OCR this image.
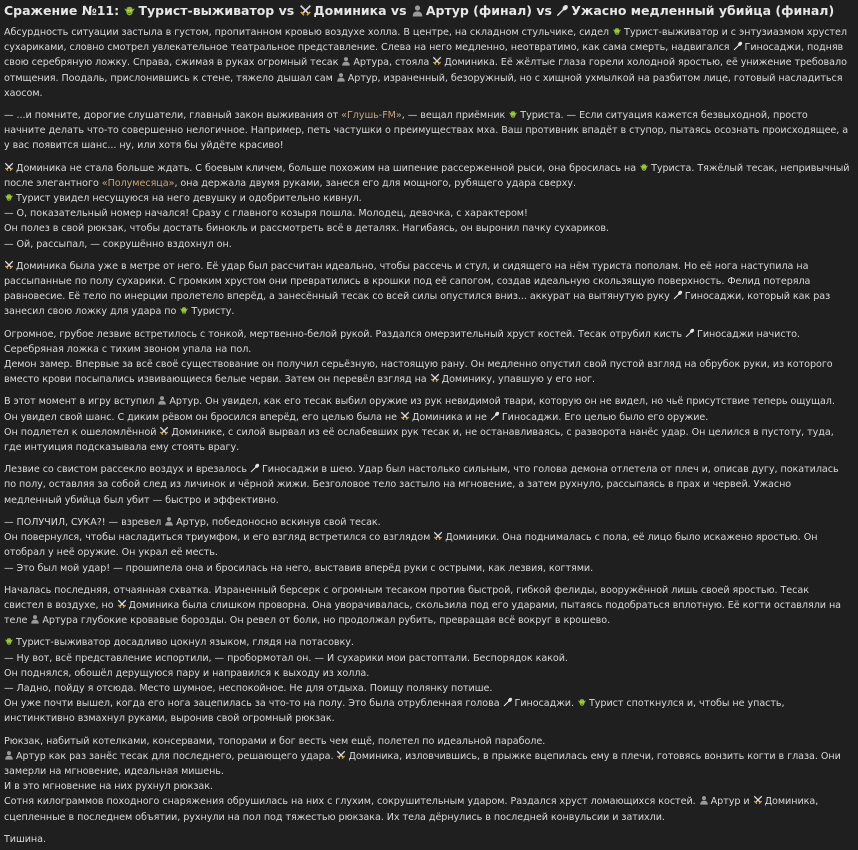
Сражение №11: Турист-выживатор vs Доминика vs Артур (финал) vs Ужасно медленный убийца (финал)

Абсурдность ситуации застыла в густом, пропитанном кровью воздухе холла. В центре, на складном стульчике, сидел Турист-выживатор и с энтузиазмом хрустел сухариками, словно смотрел увлекательное театральное представление. Слева на него медленно, неотвратимо, как сама смерть, надвигался Гиносаджи, подняв свою серебряную ложку. Справа, сжимая в руках огромный тесак Артура, стояла Доминика. Её жёлтые глаза горели холодной яростью, её унижение требовало отмщения. Поодаль, прислонившись к стене, тяжело дышал сам Артур, израненный, безоружный, но с хищной ухмылкой на разбитом лице, готовый насладиться хаосом.

— ...и помните, дорогие слушатели, главный закон выживания от «Глушь-FM», — вещал приёмник Туриста. — Если ситуация кажется безвыходной, просто начните делать что-то совершенно нелогичное. Например, петь частушки о преимуществах мха. Ваш противник впадёт в ступор, пытаясь осознать происходящее, а у вас появится шанс... ну, или хотя бы уйдёте красиво!

Доминика не стала больше ждать. С боевым кличем, больше похожим на шипение рассерженной рыси, она бросилась на Туриста. Тяжёлый тесак, непривычный после элегантного «Полумесяца», она держала двумя руками, занеся его для мощного, рубящего удара сверху.
Турист увидел несущуюся на него девушку и одобрительно кивнул.
— О, показательный номер начался! Сразу с главного козыря пошла. Молодец, девочка, с характером!
Он полез в свой рюкзак, чтобы достать бинокль и рассмотреть всё в деталях. Нагибаясь, он выронил пачку сухариков.
— Ой, рассыпал, — сокрушённо вздохнул он.

Доминика была уже в метре от него. Её удар был рассчитан идеально, чтобы рассечь и стул, и сидящего на нём туриста пополам. Но её нога наступила на рассыпанные по полу сухарики. С громким хрустом они превратились в крошки под её сапогом, создав идеальную скользящую поверхность. Фелид потеряла равновесие. Её тело по инерции пролетело вперёд, а занесённый тесак со всей силы опустился вниз... аккурат на вытянутую руку Гиносаджи, который как раз занесил свою ложку для удара по Туристу.

Огромное, грубое лезвие встретилось с тонкой, мертвенно-белой рукой. Раздался омерзительный хруст костей. Тесак отрубил кисть Гиносаджи начисто. Серебряная ложка с тихим звоном упала на пол.
Демон замер. Впервые за всё своё существование он получил серьёзную, настоящую рану. Он медленно опустил свой пустой взгляд на обрубок руки, из которого вместо крови посыпались извивающиеся белые черви. Затем он перевёл взгляд на Доминику, упавшую у его ног.

В этот момент в игру вступил Артур. Он увидел, как его тесак выбил оружие из рук невидимой твари, которую он не видел, но чьё присутствие теперь ощущал. Он увидел свой шанс. С диким рёвом он бросился вперёд, его целью была не Доминика и не Гиносаджи. Его целью было его оружие.
Он подлетел к ошеломлённой Доминике, с силой вырвал из её ослабевших рук тесак и, не останавливаясь, с разворота нанёс удар. Он целился в пустоту, туда, где интуиция подсказывала ему стоять врагу.

Лезвие со свистом рассекло воздух и врезалось Гиносаджи в шею. Удар был настолько сильным, что голова демона отлетела от плеч и, описав дугу, покатилась по полу, оставляя за собой след из личинок и чёрной жижи. Безголовое тело застыло на мгновение, а затем рухнуло, рассыпаясь в прах и червей. Ужасно медленный убийца был убит — быстро и эффективно.

— ПОЛУЧИЛ, СУКА?! — взревел Артур, победоносно вскинув свой тесак.
Он повернулся, чтобы насладиться триумфом, и его взгляд встретился со взглядом Доминики. Она поднималась с пола, её лицо было искажено яростью. Он отобрал у неё оружие. Он украл её месть.
— Это был мой удар! — прошипела она и бросилась на него, выставив вперёд руки с острыми, как лезвия, когтями.

Началась последняя, отчаянная схватка. Израненный берсерк с огромным тесаком против быстрой, гибкой фелиды, вооружённой лишь своей яростью. Тесак свистел в воздухе, но Доминика была слишком проворна. Она уворачивалась, скользила под его ударами, пытаясь подобраться вплотную. Её когти оставляли на теле Артура глубокие кровавые борозды. Он ревел от боли, но продолжал рубить, превращая всё вокруг в крошево.

Турист-выживатор досадливо цокнул языком, глядя на потасовку.
— Ну вот, всё представление испортили, — пробормотал он. — И сухарики мои растоптали. Беспорядок какой.
Он поднялся, обошёл дерущуюся пару и направился к выходу из холла.
— Ладно, пойду я отсюда. Место шумное, неспокойное. Не для отдыха. Поищу полянку потише.
Он уже почти вышел, когда его нога зацепилась за что-то на полу. Это была отрубленная голова Гиносаджи. Турист споткнулся и, чтобы не упасть, инстинктивно взмахнул руками, выронив свой огромный рюкзак.

Рюкзак, набитый котелками, консервами, топорами и бог весть чем ещё, полетел по идеальной параболе.
Артур как раз занёс тесак для последнего, решающего удара. Доминика, изловчившись, в прыжке вцепилась ему в плечи, готовясь вонзить когти в глаза. Они замерли на мгновение, идеальная мишень.
И в это мгновение на них рухнул рюкзак.
Сотня килограммов походного снаряжения обрушилась на них с глухим, сокрушительным ударом. Раздался хруст ломающихся костей. Артур и Доминика, сцепленные в последнем объятии, рухнули на пол под тяжестью рюкзака. Их тела дёрнулись в последней конвульсии и затихли.

Тишина.
